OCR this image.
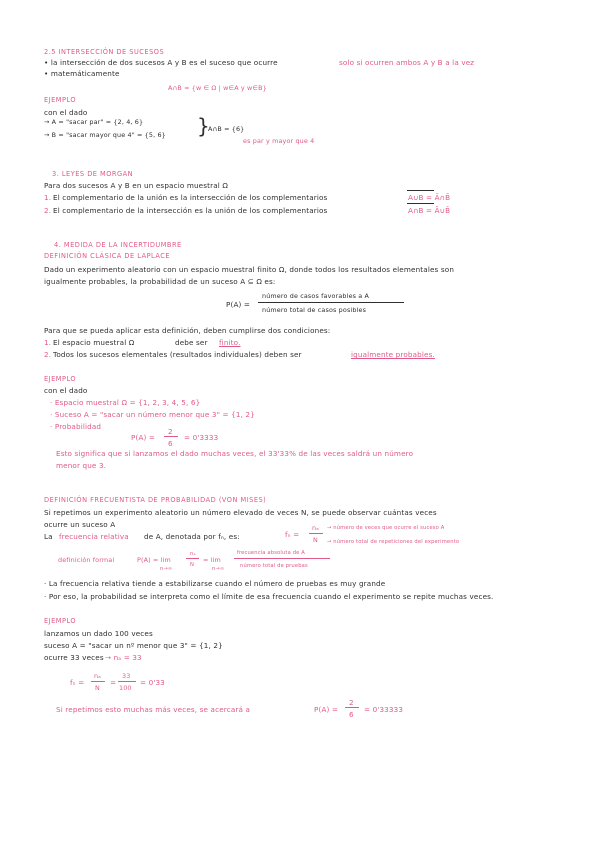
2.5 INTERSECCIÓN DE SUCESOS
• la intersección de dos sucesos A y B es el suceso que ocurre	solo si ocurren ambos A y B a la vez
• matemáticamente
A∩B = {w ∈ Ω | w∈A y w∈B}
EJEMPLO
con el dado
→ A = "sacar par" = {2, 4, 6}
→ B = "sacar mayor que 4" = {5, 6} }
A∩B = {6}
es par y mayor que 4
3. LEYES DE MORGAN
Para dos sucesos A y B en un espacio muestral Ω
1. El complementario de la unión es la intersección de los complementarios	A∪B = Ā∩B̄
2. El complementario de la intersección es la unión de los complementarios	A∩B = Ā∪B̄
4. MEDIDA DE LA INCERTIDUMBRE
DEFINICIÓN CLÁSICA DE LAPLACE
Dado un experimento aleatorio con un espacio muestral finito Ω, donde todos los resultados elementales son
igualmente probables, la probabilidad de un suceso A ⊆ Ω es:
P(A) =
número de casos favorables a A
número total de casos posibles
Para que se pueda aplicar esta definición, deben cumplirse dos condiciones:
1. El espacio muestral Ω	debe ser finito.
2. Todos los sucesos elementales (resultados individuales) deben ser	igualmente probables.
EJEMPLO
con el dado
· Espacio muestral Ω = {1, 2, 3, 4, 5, 6}
· Suceso A = "sacar un número menor que 3" = {1, 2}
· Probabilidad
P(A) =
2
6
= 0'3333
Esto significa que si lanzamos el dado muchas veces, el 33'33% de las veces saldrá un número
menor que 3.
DEFINICIÓN FRECUENTISTA DE PROBABILIDAD (VON MISES)
Si repetimos un experimento aleatorio un número elevado de veces N, se puede observar cuántas veces
ocurre un suceso A
La frecuencia relativa de A, denotada por fₙ, es:	fₙ =
nₐ
N
→ número de veces que ocurre el suceso A
→ número total de repeticiones del experimento
definición formal	P(A) = lim
n→∞
nₐ
N
= lim
n→∞
frecuencia absoluta de A
número total de pruebas
· La frecuencia relativa tiende a estabilizarse cuando el número de pruebas es muy grande
· Por eso, la probabilidad se interpreta como el límite de esa frecuencia cuando el experimento se repite muchas veces.
EJEMPLO
lanzamos un dado 100 veces
suceso A = "sacar un nº menor que 3" = {1, 2}
ocurre 33 veces → nₐ = 33
fₙ =
nₐ
N
=
33
100
= 0'33
Si repetimos esto muchas más veces, se acercará a	P(A) =
2
6
= 0'33333
